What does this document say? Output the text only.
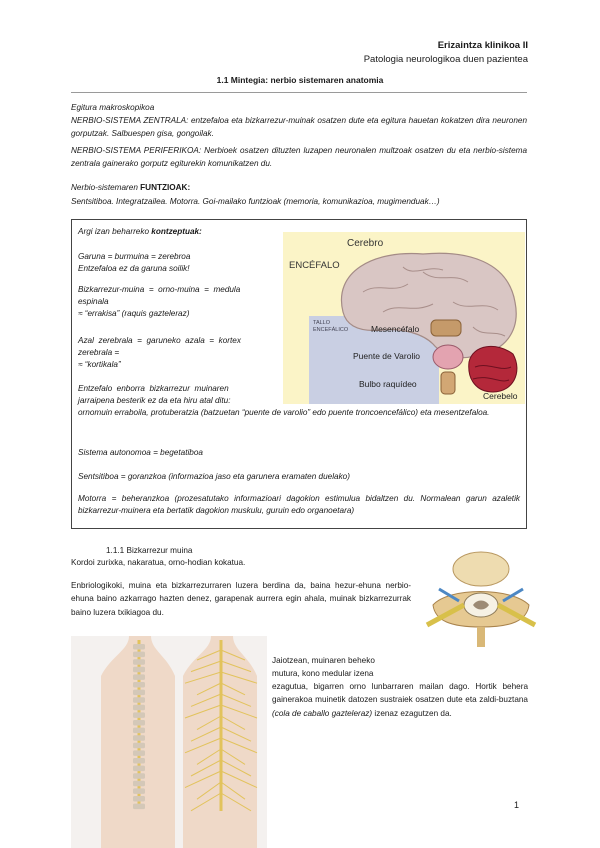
Erizaintza klinikoa II
Patologia neurologikoa duen pazientea
1.1 Mintegia: nerbio sistemaren anatomia
Egitura makroskopikoa
NERBIO-SISTEMA ZENTRALA: entzefaloa eta bizkarrezur-muinak osatzen dute eta egitura hauetan kokatzen dira neuronen gorputzak. Salbuespen gisa, gongoilak.
NERBIO-SISTEMA PERIFERIKOA: Nerbioek osatzen dituzten luzapen neuronalen multzoak osatzen du eta nerbio-sistema zentrala gainerako gorputz egiturekin komunikatzen du.
Nerbio-sistemaren FUNTZIOAK:
Sentsitiboa. Integratzailea. Motorra. Goi-mailako funtzioak (memoria, komunikazioa, mugimenduak…)
Argi izan beharreko kontzeptuak:
Garuna = burmuina = zerebroa
Entzefaloa ez da garuna soilik!
Bizkarrezur-muina  =  orno-muina  =  medula
espinala
≈ “errakisa” (raquis gazteleraz)
Azal  zerebrala  =  garuneko  azala  =  kortex
zerebrala =
≈ “kortikala”
Entzefalo  enborra  bizkarrezur  muinaren
jarraipena besterik ez da eta hiru atal ditu:
ornomuin erraboila, protuberatzia (batzuetan “puente de varolio” edo puente troncoencefálico) eta mesentzefaloa.
Sistema autonomoa = begetatiboa
Sentsitiboa = goranzkoa (informazioa jaso eta garunera eramaten duelako)
Motorra = beheranzkoa (prozesatutako informazioari dagokion estimulua bidaltzen du. Normalean garun azaletik bizkarrezur-muinera eta bertatik dagokion muskulu, guruin edo organoetara)
Cerebro
ENCÉFALO
TALLO
ENCEFÁLICO	Mesencéfalo
Puente de Varolio
Bulbo raquídeo
Cerebelo
1.1.1 Bizkarrezur muina
Kordoi zurixka, nakaratua, orno-hodian kokatua.
Enbriologikoki, muina eta bizkarrezurraren luzera berdina da, baina hezur-ehuna nerbio-ehuna baino azkarrago hazten denez, garapenak aurrera egin ahala, muinak bizkarrezurrak baino luzera txikiagoa du.
Jaiotzean, muinaren beheko
mutura, kono medular izena
ezagutua, bigarren orno lunbarraren mailan dago. Hortik behera gainerakoa muinetik datozen sustraiek osatzen dute eta zaldi-buztana (cola de caballo gazteleraz) izenaz ezagutzen da.
1
